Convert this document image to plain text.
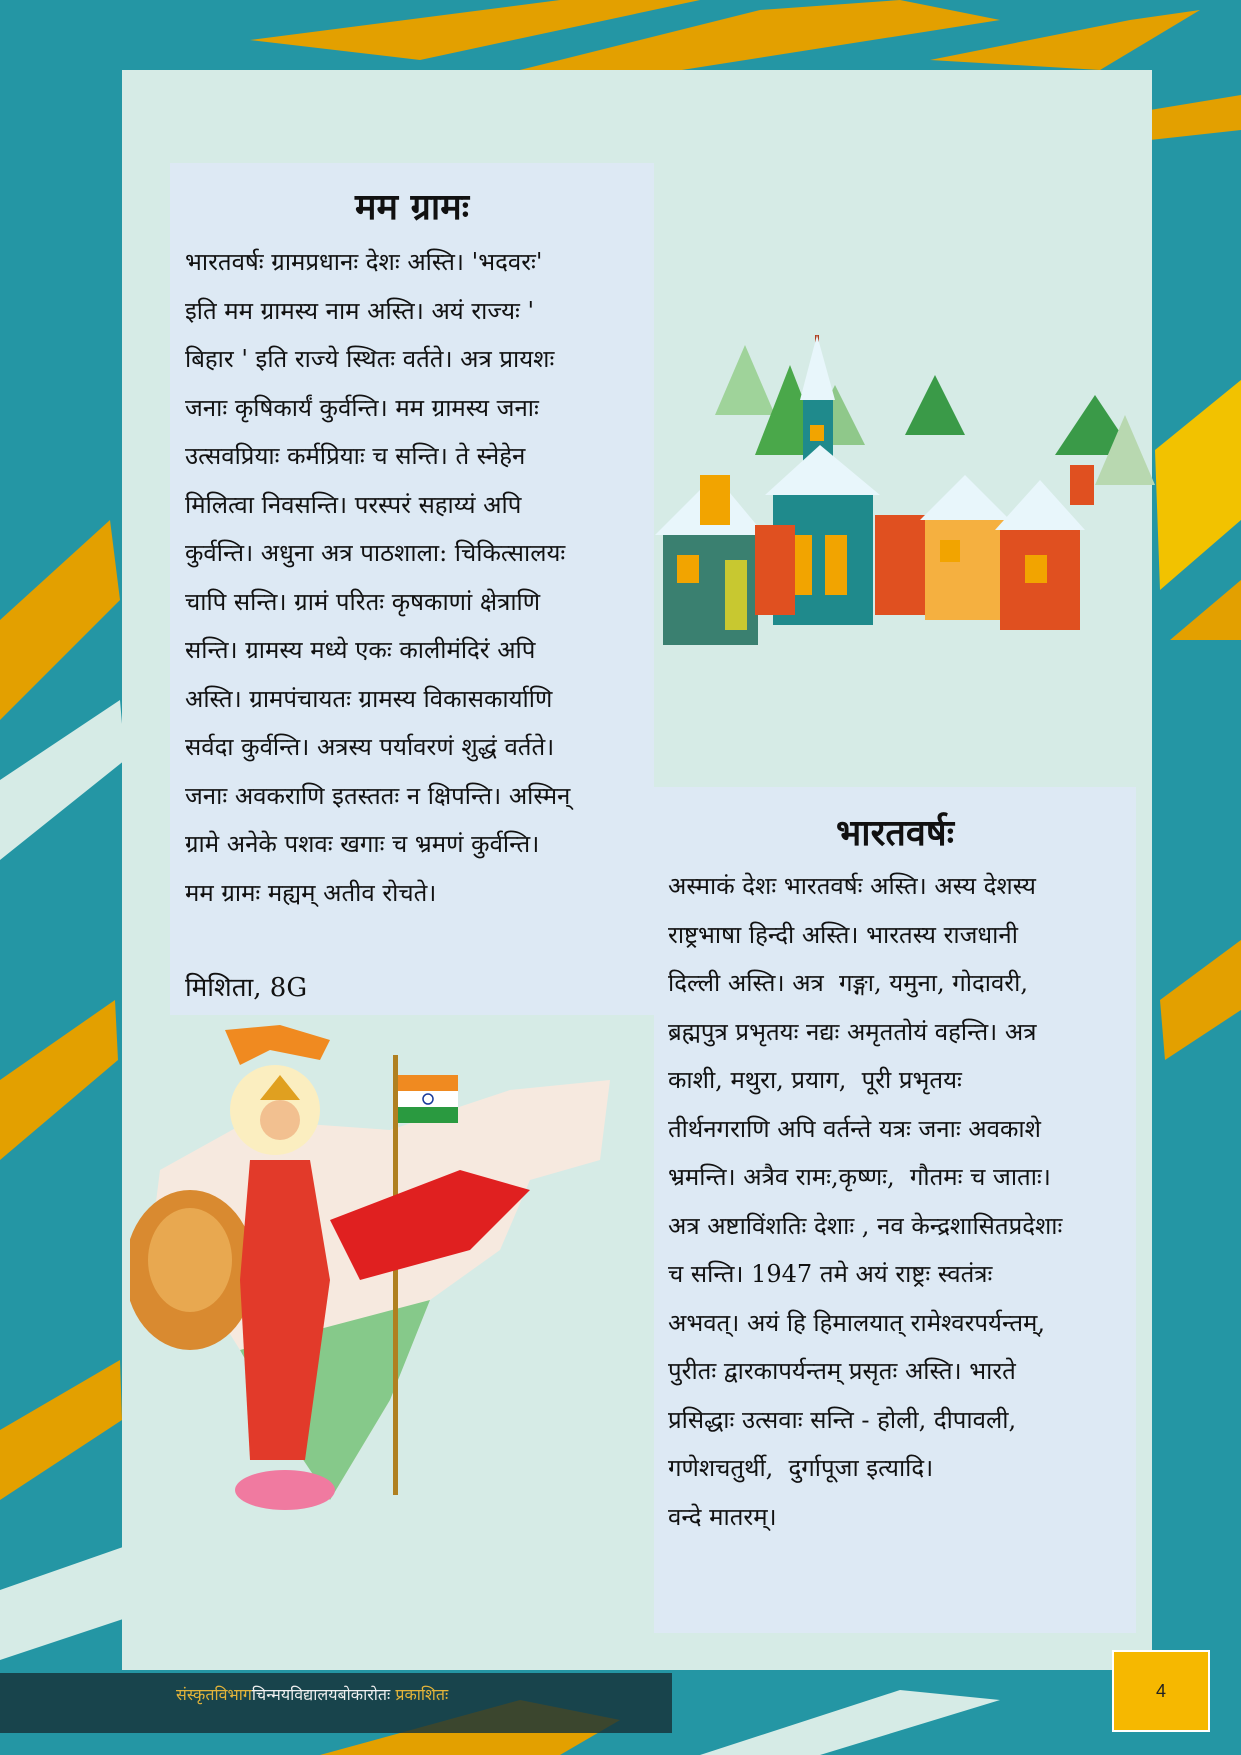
मम ग्रामः
भारतवर्षः ग्रामप्रधानः देशः अस्ति। 'भदवरः'
इति मम ग्रामस्य नाम अस्ति। अयं राज्यः '
बिहार ' इति राज्ये स्थितः वर्तते। अत्र प्रायशः
जनाः कृषिकार्यं कुर्वन्ति। मम ग्रामस्य जनाः
उत्सवप्रियाः कर्मप्रियाः च सन्ति। ते स्नेहेन
मिलित्वा निवसन्ति। परस्परं सहाय्यं अपि
कुर्वन्ति। अधुना अत्र पाठशाला: चिकित्सालयः
चापि सन्ति। ग्रामं परितः कृषकाणां क्षेत्राणि
सन्ति। ग्रामस्य मध्ये एकः कालीमंदिरं अपि
अस्ति। ग्रामपंचायतः ग्रामस्य विकासकार्याणि
सर्वदा कुर्वन्ति। अत्रस्य पर्यावरणं शुद्धं वर्तते।
जनाः अवकराणि इतस्ततः न क्षिपन्ति। अस्मिन्
ग्रामे अनेके पशवः खगाः च भ्रमणं कुर्वन्ति।
मम ग्रामः मह्यम् अतीव रोचते।
मिशिता, 8G
भारतवर्षः
अस्माकं देशः भारतवर्षः अस्ति। अस्य देशस्य
राष्ट्रभाषा हिन्दी अस्ति। भारतस्य राजधानी
दिल्ली अस्ति। अत्र  गङ्गा, यमुना, गोदावरी,
ब्रह्मपुत्र प्रभृतयः नद्यः अमृततोयं वहन्ति। अत्र
काशी, मथुरा, प्रयाग,  पूरी प्रभृतयः
तीर्थनगराणि अपि वर्तन्ते यत्रः जनाः अवकाशे
भ्रमन्ति। अत्रैव रामः,कृष्णः,  गौतमः च जाताः।
अत्र अष्टाविंशतिः देशाः , नव केन्द्रशासितप्रदेशाः
च सन्ति। 1947 तमे अयं राष्ट्रः स्वतंत्रः
अभवत्। अयं हि हिमालयात् रामेश्वरपर्यन्तम्,
पुरीतः द्वारकापर्यन्तम् प्रसृतः अस्ति। भारते
प्रसिद्धाः उत्सवाः सन्ति - होली, दीपावली,
गणेशचतुर्थी,  दुर्गापूजा इत्यादि।
वन्दे मातरम्।
संस्कृतविभागचिन्मयविद्यालयबोकारोतः प्रकाशितः	4
